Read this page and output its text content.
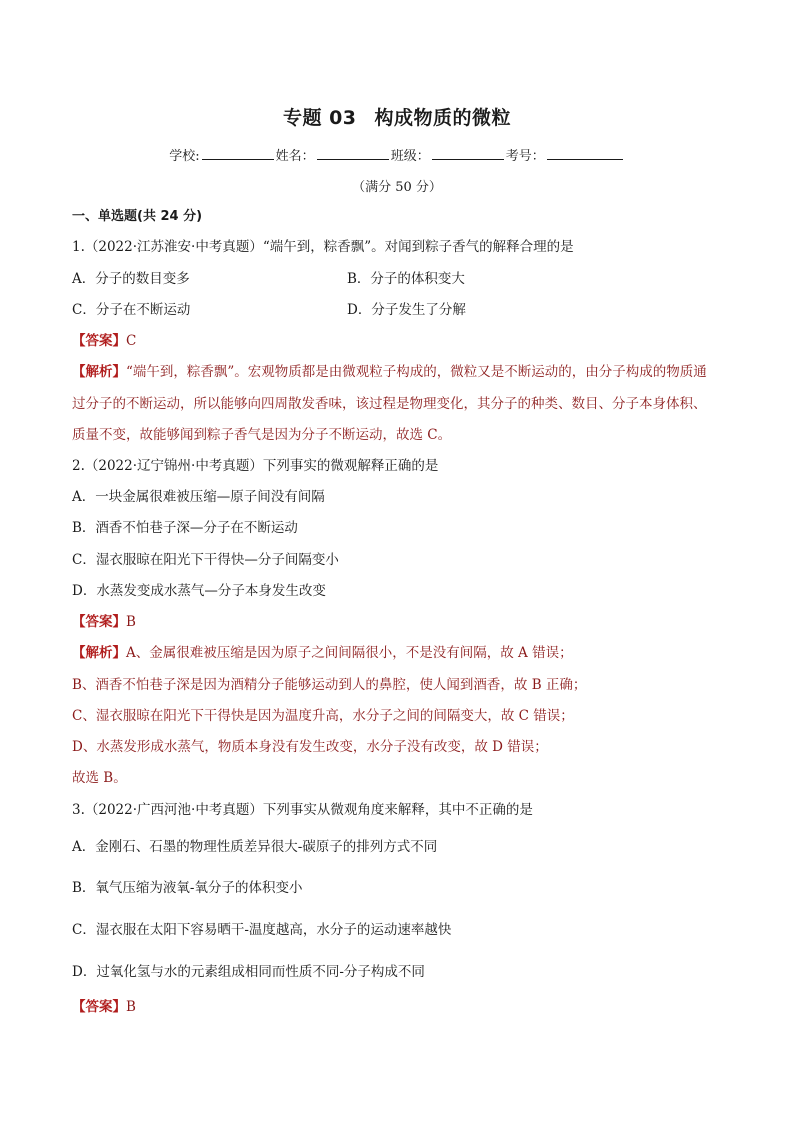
专题 03 构成物质的微粒
学校:	姓名：	班级：	考号：
（满分 50 分）
一、单选题(共 24 分)
1.（2022·江苏淮安·中考真题）“端午到，粽香飘”。对闻到粽子香气的解释合理的是
A．分子的数目变多	B．分子的体积变大
C．分子在不断运动	D．分子发生了分解
【答案】C
【解析】“端午到，粽香飘”。宏观物质都是由微观粒子构成的，微粒又是不断运动的，由分子构成的物质通
过分子的不断运动，所以能够向四周散发香味，该过程是物理变化，其分子的种类、数目、分子本身体积、
质量不变，故能够闻到粽子香气是因为分子不断运动，故选 C。
2.（2022·辽宁锦州·中考真题）下列事实的微观解释正确的是
A．一块金属很难被压缩—原子间没有间隔
B．酒香不怕巷子深—分子在不断运动
C．湿衣服晾在阳光下干得快—分子间隔变小
D．水蒸发变成水蒸气—分子本身发生改变
【答案】B
【解析】A、金属很难被压缩是因为原子之间间隔很小，不是没有间隔，故 A 错误；
B、酒香不怕巷子深是因为酒精分子能够运动到人的鼻腔，使人闻到酒香，故 B 正确；
C、湿衣服晾在阳光下干得快是因为温度升高，水分子之间的间隔变大，故 C 错误；
D、水蒸发形成水蒸气，物质本身没有发生改变，水分子没有改变，故 D 错误；
故选 B。
3.（2022·广西河池·中考真题）下列事实从微观角度来解释，其中不正确的是
A．金刚石、石墨的物理性质差异很大-碳原子的排列方式不同
B．氧气压缩为液氧-氧分子的体积变小
C．湿衣服在太阳下容易晒干-温度越高，水分子的运动速率越快
D．过氧化氢与水的元素组成相同而性质不同-分子构成不同
【答案】B
